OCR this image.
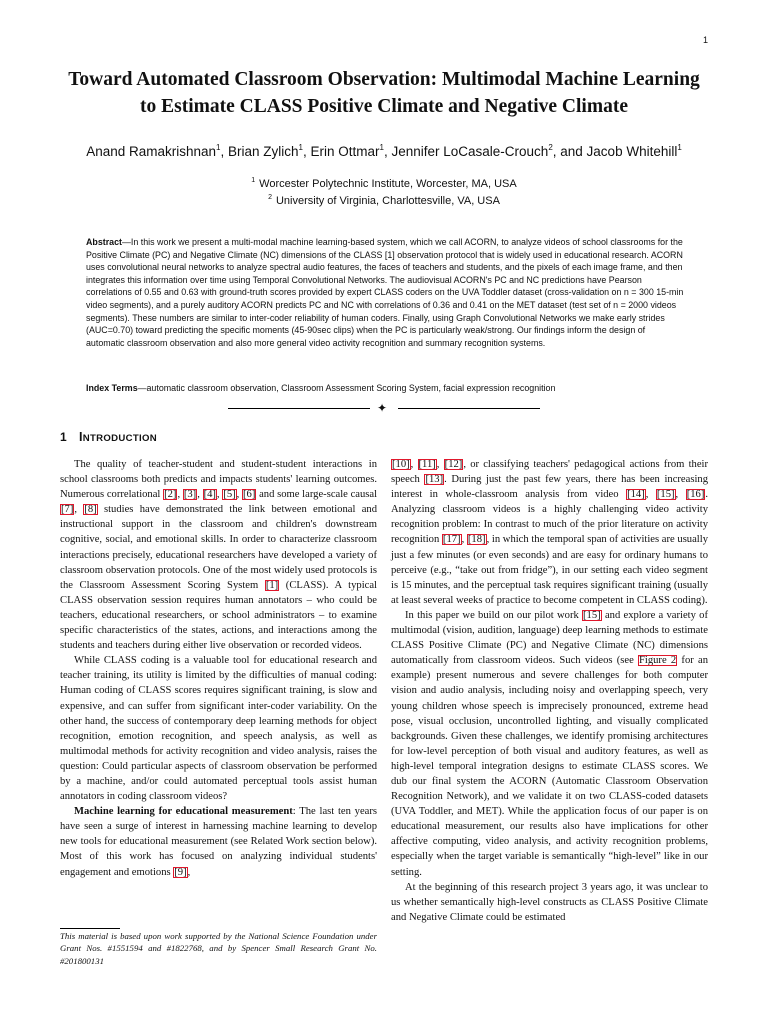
1
Toward Automated Classroom Observation: Multimodal Machine Learning to Estimate CLASS Positive Climate and Negative Climate
Anand Ramakrishnan$^1$, Brian Zylich$^1$, Erin Ottmar$^1$, Jennifer LoCasale-Crouch$^2$, and Jacob Whitehill$^1$
$^1$ Worcester Polytechnic Institute, Worcester, MA, USA
$^2$ University of Virginia, Charlottesville, VA, USA
Abstract—In this work we present a multi-modal machine learning-based system, which we call ACORN, to analyze videos of school classrooms for the Positive Climate (PC) and Negative Climate (NC) dimensions of the CLASS [1] observation protocol that is widely used in educational research. ACORN uses convolutional neural networks to analyze spectral audio features, the faces of teachers and students, and the pixels of each image frame, and then integrates this information over time using Temporal Convolutional Networks. The audiovisual ACORN's PC and NC predictions have Pearson correlations of 0.55 and 0.63 with ground-truth scores provided by expert CLASS coders on the UVA Toddler dataset (cross-validation on n = 300 15-min video segments), and a purely auditory ACORN predicts PC and NC with correlations of 0.36 and 0.41 on the MET dataset (test set of n = 2000 videos segments). These numbers are similar to inter-coder reliability of human coders. Finally, using Graph Convolutional Networks we make early strides (AUC=0.70) toward predicting the specific moments (45-90sec clips) when the PC is particularly weak/strong. Our findings inform the design of automatic classroom observation and also more general video activity recognition and summary recognition systems.
Index Terms—automatic classroom observation, Classroom Assessment Scoring System, facial expression recognition
✦
1 INTRODUCTION

The quality of teacher-student and student-student interactions in school classrooms both predicts and impacts students' learning outcomes. Numerous correlational [2], [3], [4], [5], [6] and some large-scale causal [7], [8] studies have demonstrated the link between emotional and instructional support in the classroom and children's downstream cognitive, social, and emotional skills. In order to characterize classroom interactions precisely, educational researchers have developed a variety of classroom observation protocols. One of the most widely used protocols is the Classroom Assessment Scoring System [1] (CLASS). A typical CLASS observation session requires human annotators – who could be teachers, educational researchers, or school administrators – to examine specific characteristics of the states, actions, and interactions among the students and teachers during either live observation or recorded videos.

While CLASS coding is a valuable tool for educational research and teacher training, its utility is limited by the difficulties of manual coding: Human coding of CLASS scores requires significant training, is slow and expensive, and can suffer from significant inter-coder variability. On the other hand, the success of contemporary deep learning methods for object recognition, emotion recognition, and speech analysis, as well as multimodal methods for activity recognition and video analysis, raises the question: Could particular aspects of classroom observation be performed by a machine, and/or could automated perceptual tools assist human annotators in coding classroom videos?

Machine learning for educational measurement: The last ten years have seen a surge of interest in harnessing machine learning to develop new tools for educational measurement (see Related Work section below). Most of this work has focused on analyzing individual students' engagement and emotions [9],

[10], [11], [12], or classifying teachers' pedagogical actions from their speech [13]. During just the past few years, there has been increasing interest in whole-classroom analysis from video [14], [15], [16]. Analyzing classroom videos is a highly challenging video activity recognition problem: In contrast to much of the prior literature on activity recognition [17], [18], in which the temporal span of activities are usually just a few minutes (or even seconds) and are easy for ordinary humans to perceive (e.g., “take out from fridge”), in our setting each video segment is 15 minutes, and the perceptual task requires significant training (usually at least several weeks of practice to become competent in CLASS coding).

In this paper we build on our pilot work [15] and explore a variety of multimodal (vision, audition, language) deep learning methods to estimate CLASS Positive Climate (PC) and Negative Climate (NC) dimensions automatically from classroom videos. Such videos (see Figure 2 for an example) present numerous and severe challenges for both computer vision and audio analysis, including noisy and overlapping speech, very young children whose speech is imprecisely pronounced, extreme head pose, visual occlusion, uncontrolled lighting, and visually complicated backgrounds. Given these challenges, we identify promising architectures for low-level perception of both visual and auditory features, as well as high-level temporal integration designs to estimate CLASS scores. We dub our final system the ACORN (Automatic Classroom Observation Recognition Network), and we validate it on two CLASS-coded datasets (UVA Toddler, and MET). While the application focus of our paper is on educational measurement, our results also have implications for other affective computing, video analysis, and activity recognition problems, especially when the target variable is semantically “high-level” like in our setting.

At the beginning of this research project 3 years ago, it was unclear to us whether semantically high-level constructs as CLASS Positive Climate and Negative Climate could be estimated

This material is based upon work supported by the National Science Foundation under Grant Nos. #1551594 and #1822768, and by Spencer Small Research Grant No. #201800131
